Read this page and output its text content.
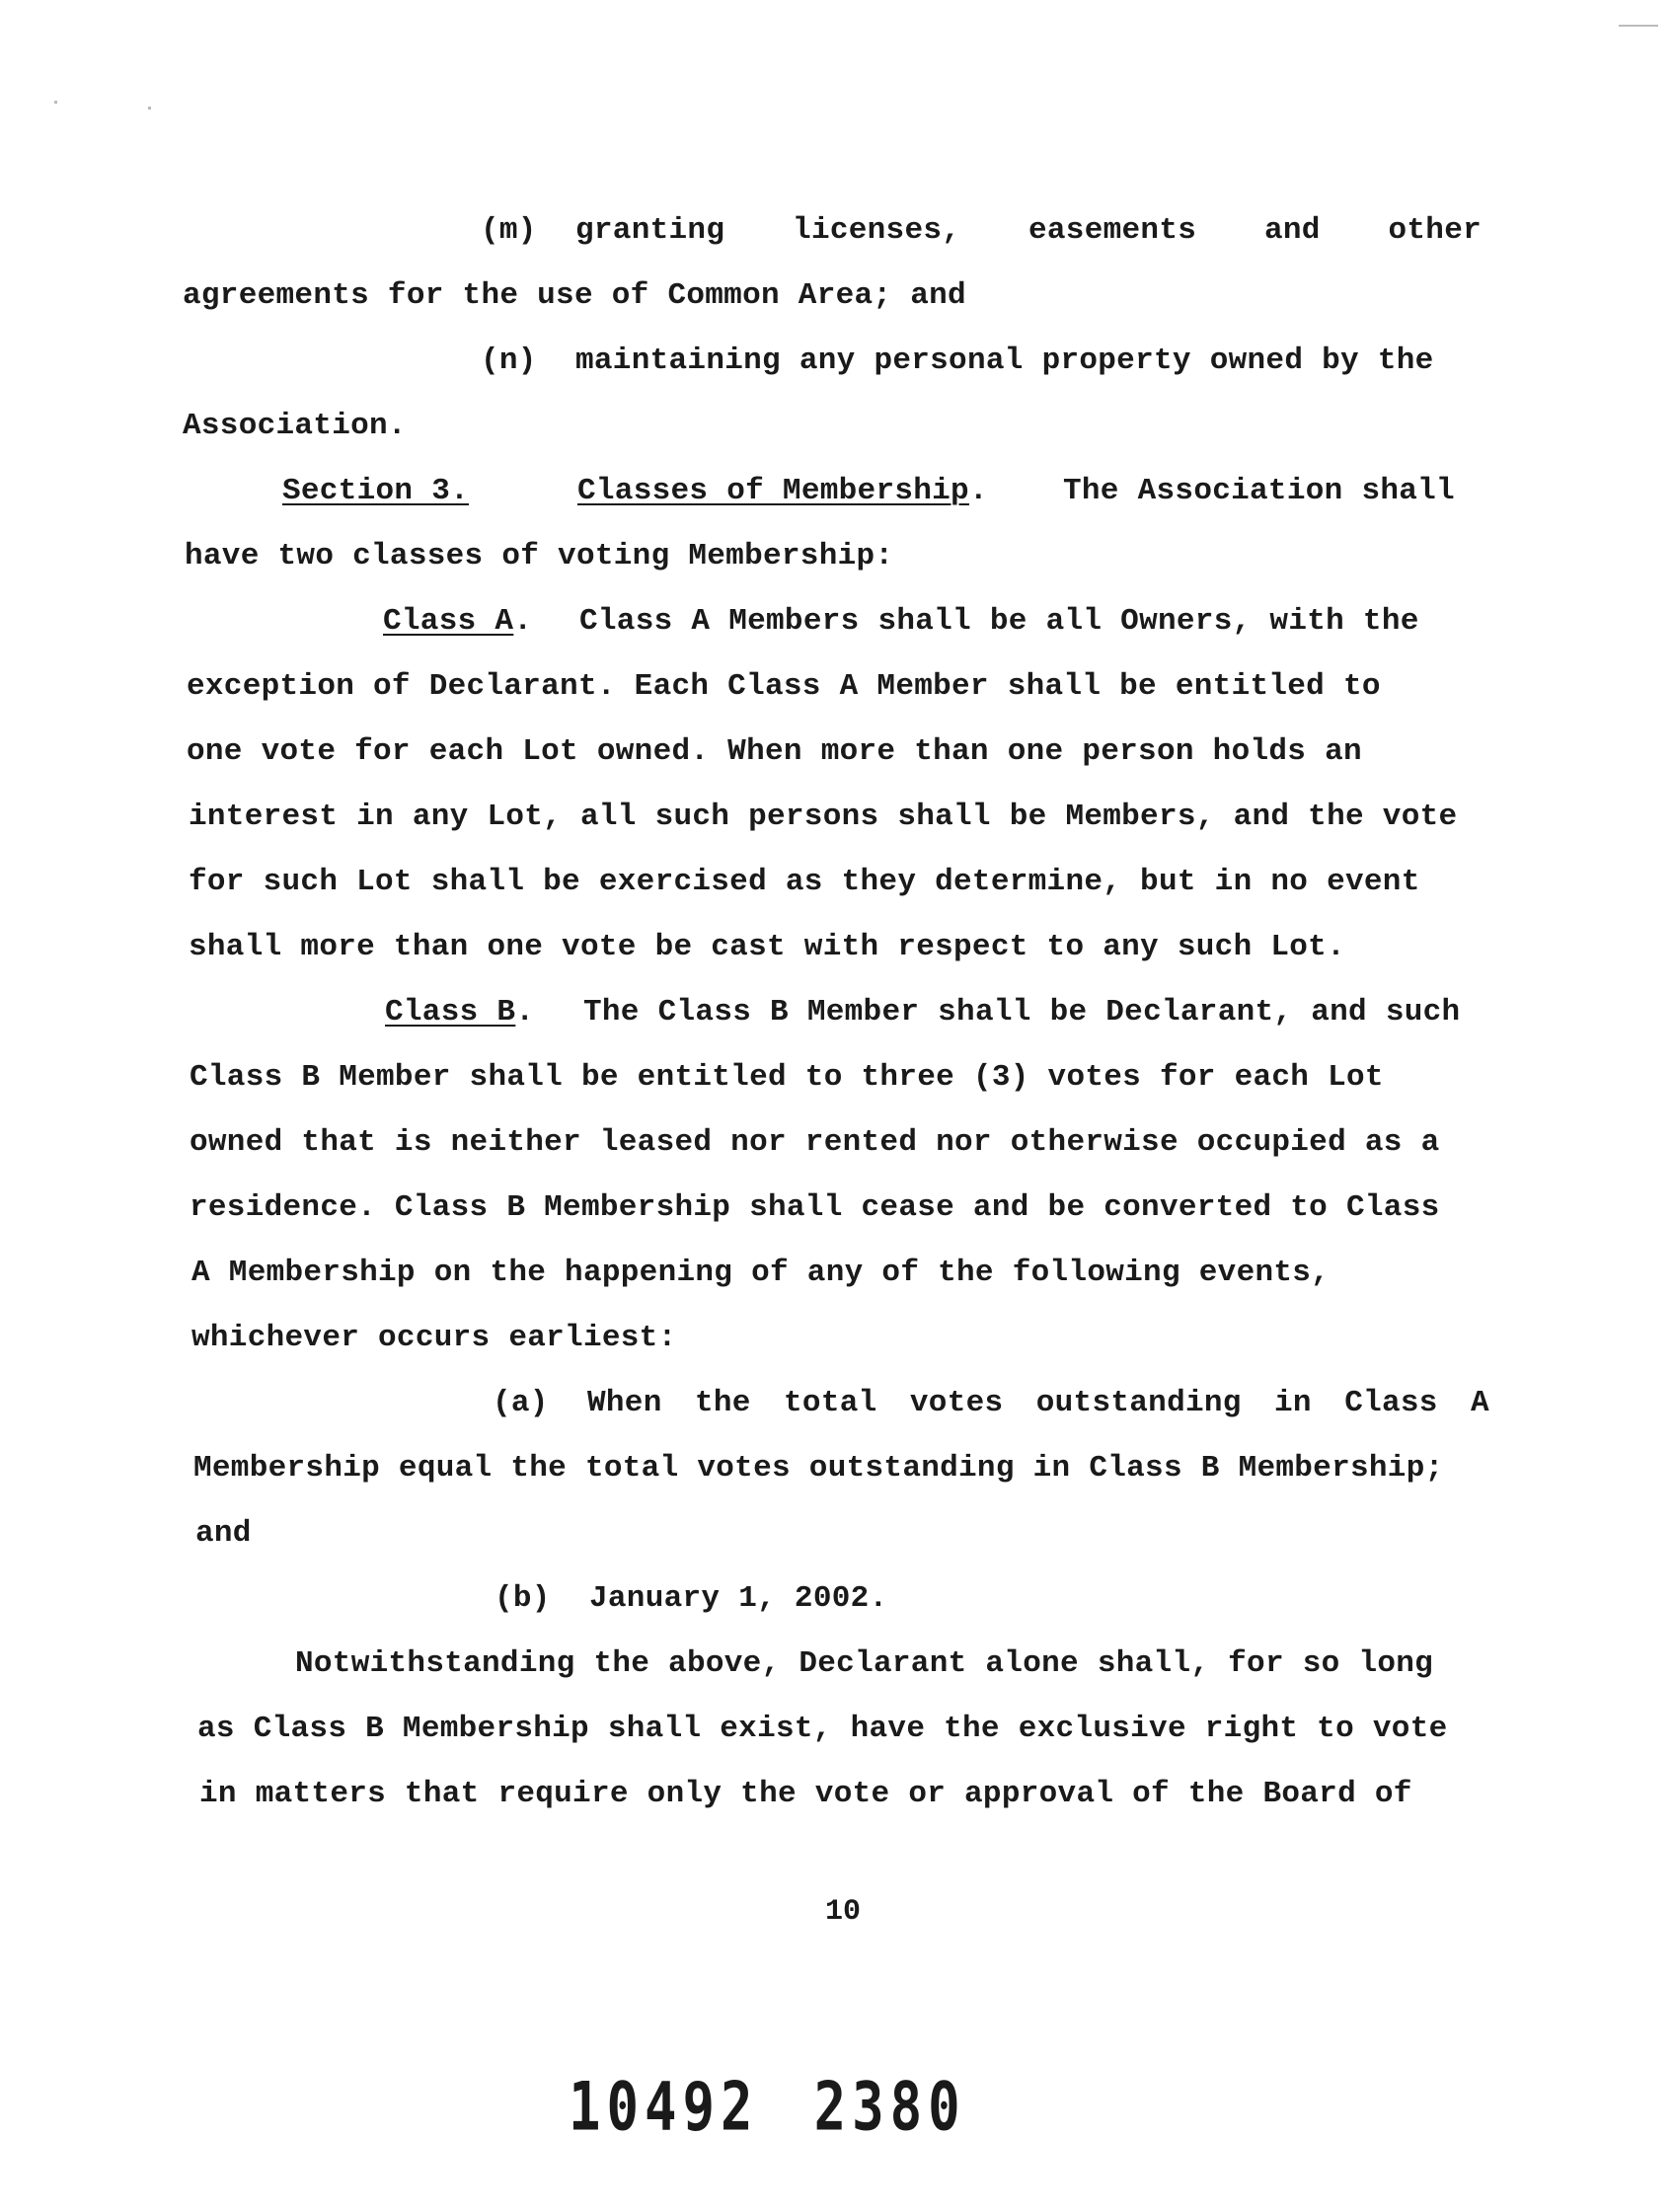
(m) granting licenses, easements and other
agreements for the use of Common Area; and
(n) maintaining any personal property owned by the
Association.
Section 3.	Classes of Membership. The Association shall
have two classes of voting Membership:
Class A. Class A Members shall be all Owners, with the
exception of Declarant. Each Class A Member shall be entitled to
one vote for each Lot owned. When more than one person holds an
interest in any Lot, all such persons shall be Members, and the vote
for such Lot shall be exercised as they determine, but in no event
shall more than one vote be cast with respect to any such Lot.
Class B. The Class B Member shall be Declarant, and such
Class B Member shall be entitled to three (3) votes for each Lot
owned that is neither leased nor rented nor otherwise occupied as a
residence. Class B Membership shall cease and be converted to Class
A Membership on the happening of any of the following events,
whichever occurs earliest:
(a) When the total votes outstanding in Class A
Membership equal the total votes outstanding in Class B Membership;
and
(b) January 1, 2002.
Notwithstanding the above, Declarant alone shall, for so long
as Class B Membership shall exist, have the exclusive right to vote
in matters that require only the vote or approval of the Board of
10
10492 2380
